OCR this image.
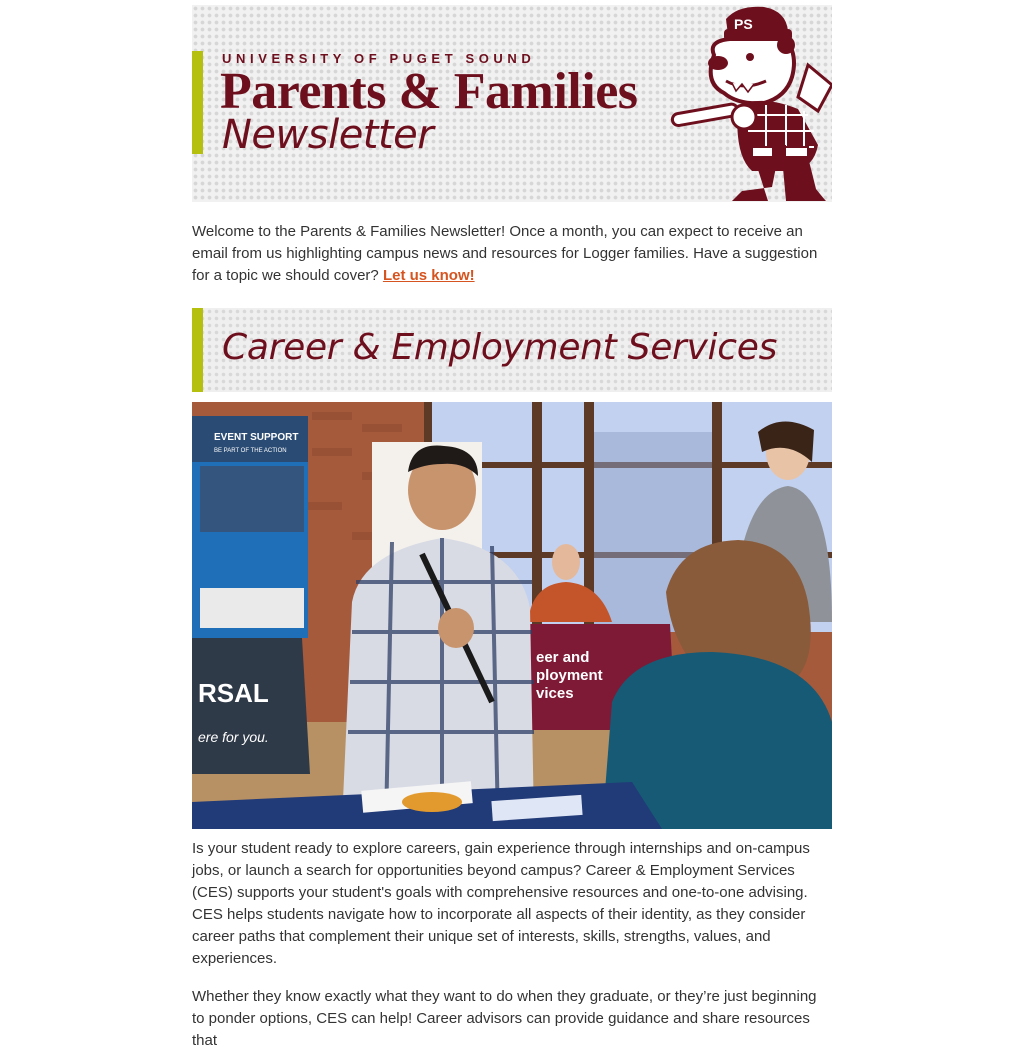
UNIVERSITY OF PUGET SOUND
Parents & Families
Newsletter
PS

Welcome to the Parents & Families Newsletter! Once a month, you can expect to receive an email from us highlighting campus news and resources for Logger families. Have a suggestion for a topic we should cover? Let us know!

Career & Employment Services
EVENT SUPPORT
BE PART OF THE ACTION
RSAL
ere for you.
eer and
ployment
vices

Is your student ready to explore careers, gain experience through internships and on-campus jobs, or launch a search for opportunities beyond campus? Career & Employment Services (CES) supports your student's goals with comprehensive resources and one-to-one advising. CES helps students navigate how to incorporate all aspects of their identity, as they consider career paths that complement their unique set of interests, skills, strengths, values, and experiences.

Whether they know exactly what they want to do when they graduate, or they’re just beginning to ponder options, CES can help! Career advisors can provide guidance and share resources that
